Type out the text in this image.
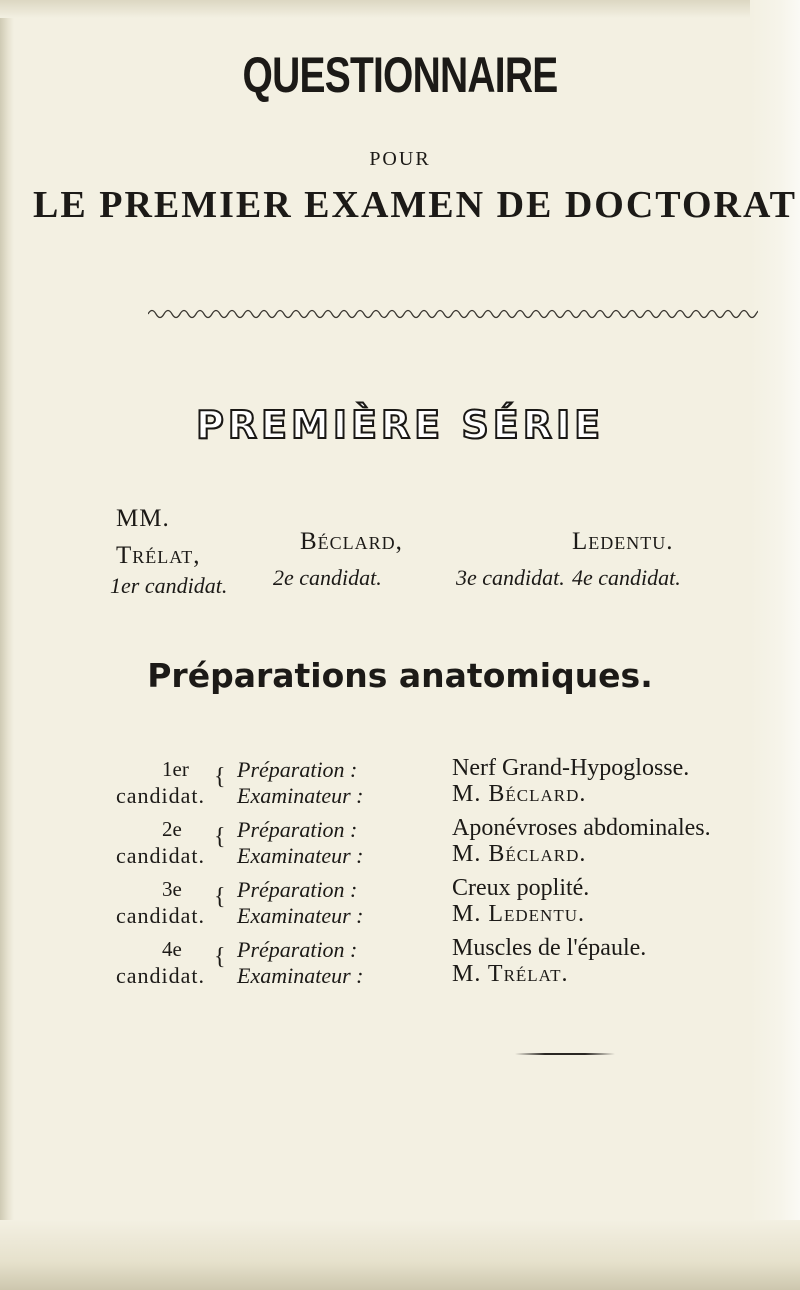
QUESTIONNAIRE
POUR
LE PREMIER EXAMEN DE DOCTORAT
PREMIÈRE SÉRIE
MM.
Trélat,
1er candidat.
Béclard,
2e candidat.	3e candidat.
Ledentu.
4e candidat.
Préparations anatomiques.
1er
candidat.
{ Préparation :	Nerf Grand-Hypoglosse.
Examinateur :	M. Béclard.
2e
candidat.
{ Préparation :	Aponévroses abdominales.
Examinateur :	M. Béclard.
3e
candidat.
{ Préparation :	Creux poplité.
Examinateur :	M. Ledentu.
4e
candidat.
{ Préparation :	Muscles de l'épaule.
Examinateur :	M. Trélat.
